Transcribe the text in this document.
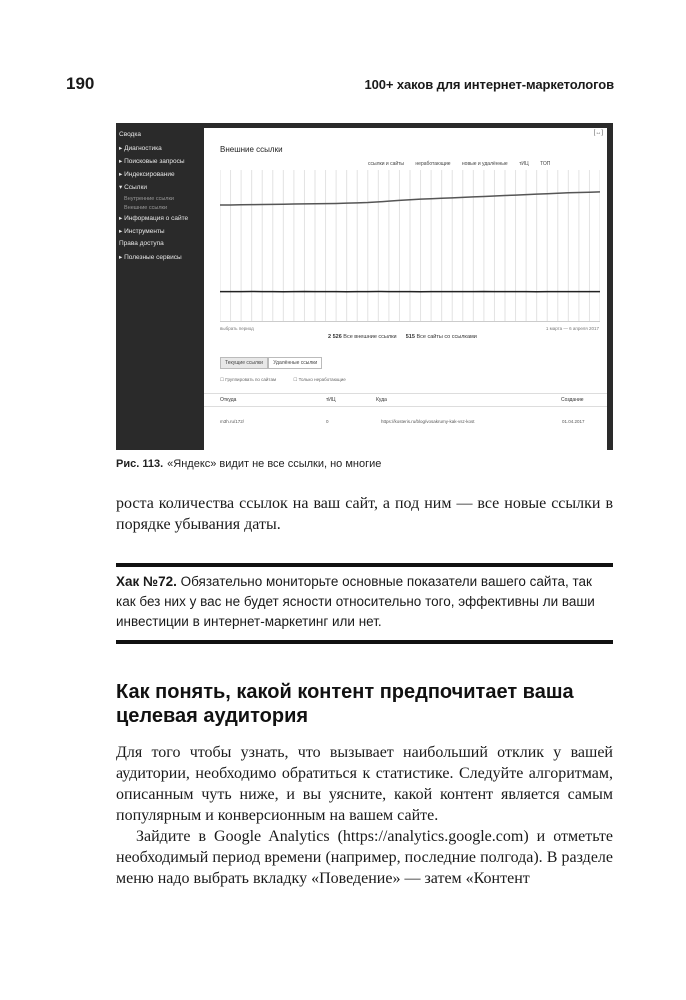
190	100+ хаков для интернет-маркетологов
Сводка
▸ Диагностика
▸ Поисковые запросы
▸ Индексирование
▾ Ссылки
Внутренние ссылки
Внешние ссылки
▸ Информация о сайте
▸ Инструменты
Права доступа
▸ Полезные сервисы
[↔]
Внешние ссылки
ссылки и сайты неработающие новые и удалённые тИЦ ТОП
выбрать период	1 марта — 6 апреля 2017
2 526 Все внешние ссылки 515 Все сайты со ссылками
Текущие ссылки Удалённые ссылки
☐ Группировать по сайтам	☐ Только неработающие
Откуда	тИЦ	Куда	Создание
m3h.ru/172/	0	https://kosteris.ru/blog/vosakrumy-kak-vsz-kost	01.04.2017
Рис. 113. «Яндекс» видит не все ссылки, но многие
роста количества ссылок на ваш сайт, а под ним — все новые ссылки в порядке убывания даты.
Хак №72. Обязательно мониторьте основные показатели вашего сайта, так как без них у вас не будет ясности относительно того, эффективны ли ваши инвестиции в интернет-маркетинг или нет.
Как понять, какой контент предпочитает ваша целевая аудитория
Для того чтобы узнать, что вызывает наибольший отклик у вашей аудитории, необходимо обратиться к статистике. Следуйте алгоритмам, описанным чуть ниже, и вы уясните, какой контент является самым популярным и конверсионным на вашем сайте.
Зайдите в Google Analytics (https://analytics.google.com) и отметьте необходимый период времени (например, последние полгода). В разделе меню надо выбрать вкладку «Поведение» — затем «Контент
